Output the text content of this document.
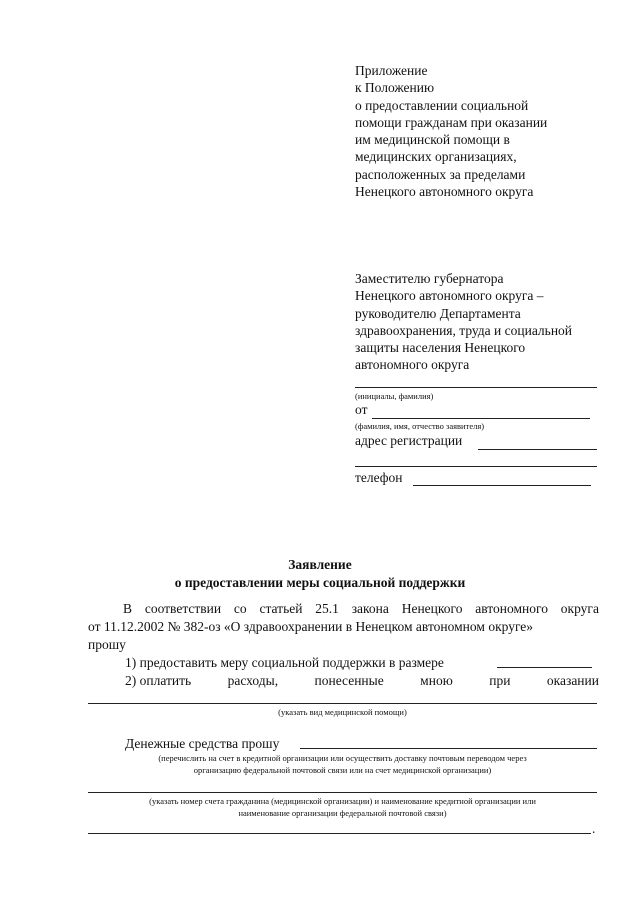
Приложение
к Положению
о предоставлении социальной
помощи гражданам при оказании
им медицинской помощи в
медицинских организациях,
расположенных за пределами
Ненецкого автономного округа
Заместителю губернатора
Ненецкого автономного округа –
руководителю Департамента
здравоохранения, труда и социальной
защиты населения Ненецкого
автономного округа
(инициалы, фамилия)
от
(фамилия, имя, отчество заявителя)
адрес регистрации
телефон
Заявление
о предоставлении меры социальной поддержки
В соответствии со статьей 25.1 закона Ненецкого автономного округа
от 11.12.2002 № 382-оз «О здравоохранении в Ненецком автономном округе»
прошу
1) предоставить меру социальной поддержки в размере
2) оплатить	расходы,	понесенные	мною	при	оказании
(указать вид медицинской помощи)
Денежные средства прошу
(перечислить на счет в кредитной организации или осуществить доставку почтовым переводом через
организацию федеральной почтовой связи или на счет медицинской организации)
(указать номер счета гражданина (медицинской организации) и наименование кредитной организации или
наименование организации федеральной почтовой связи)
.
